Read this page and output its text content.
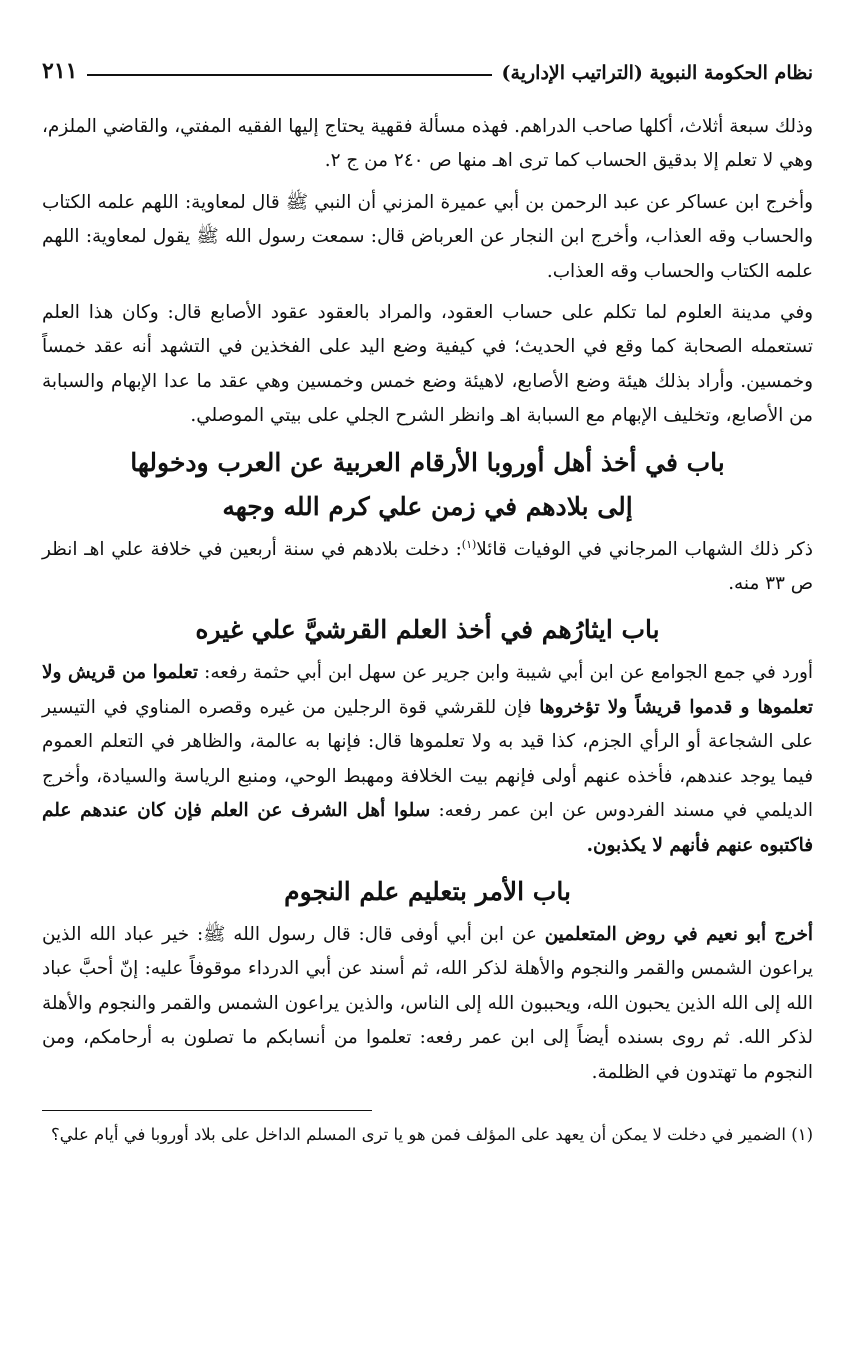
نظام الحكومة النبوية (التراتيب الإدارية)
٢١١

وذلك سبعة أثلاث، أكلها صاحب الدراهم. فهذه مسألة فقهية يحتاج إليها الفقيه المفتي، والقاضي الملزم، وهي لا تعلم إلا بدقيق الحساب كما ترى اهـ منها ص ٢٤٠ من ج ٢.

وأخرج ابن عساكر عن عبد الرحمن بن أبي عميرة المزني أن النبي ﷺ قال لمعاوية: اللهم علمه الكتاب والحساب وقه العذاب، وأخرج ابن النجار عن العرباض قال: سمعت رسول الله ﷺ يقول لمعاوية: اللهم علمه الكتاب والحساب وقه العذاب.

وفي مدينة العلوم لما تكلم على حساب العقود، والمراد بالعقود عقود الأصابع قال: وكان هذا العلم تستعمله الصحابة كما وقع في الحديث؛ في كيفية وضع اليد على الفخذين في التشهد أنه عقد خمساً وخمسين. وأراد بذلك هيئة وضع الأصابع، لاهيئة وضع خمس وخمسين وهي عقد ما عدا الإبهام والسبابة من الأصابع، وتخليف الإبهام مع السبابة اهـ وانظر الشرح الجلي على بيتي الموصلي.

باب في أخذ أهل أوروبا الأرقام العربية عن العرب ودخولها
إلى بلادهم في زمن علي كرم الله وجهه

ذكر ذلك الشهاب المرجاني في الوفيات قائلا$^{(١)}$: دخلت بلادهم في سنة أربعين في خلافة علي اهـ انظر ص ٣٣ منه.

باب ايثارُهم في أخذ العلم القرشيَّ علي غيره

أورد في جمع الجوامع عن ابن أبي شيبة وابن جرير عن سهل ابن أبي حثمة رفعه: تعلموا من قريش ولا تعلموها و قدموا قريشاً ولا تؤخروها فإن للقرشي قوة الرجلين من غيره وقصره المناوي في التيسير على الشجاعة أو الرأي الجزم، كذا قيد به ولا تعلموها قال: فإنها به عالمة، والظاهر في التعلم العموم فيما يوجد عندهم، فأخذه عنهم أولى فإنهم بيت الخلافة ومهبط الوحي، ومنبع الرياسة والسيادة، وأخرج الديلمي في مسند الفردوس عن ابن عمر رفعه: سلوا أهل الشرف عن العلم فإن كان عندهم علم فاكتبوه عنهم فأنهم لا يكذبون.

باب الأمر بتعليم علم النجوم

أخرج أبو نعيم في روض المتعلمين عن ابن أبي أوفى قال: قال رسول الله ﷺ: خير عباد الله الذين يراعون الشمس والقمر والنجوم والأهلة لذكر الله، ثم أسند عن أبي الدرداء موقوفاً عليه: إنّ أحبَّ عباد الله إلى الله الذين يحبون الله، ويحببون الله إلى الناس، والذين يراعون الشمس والقمر والنجوم والأهلة لذكر الله. ثم روى بسنده أيضاً إلى ابن عمر رفعه: تعلموا من أنسابكم ما تصلون به أرحامكم، ومن النجوم ما تهتدون في الظلمة.

(١) الضمير في دخلت لا يمكن أن يعهد على المؤلف فمن هو يا ترى المسلم الداخل على بلاد أوروبا في أيام علي؟
